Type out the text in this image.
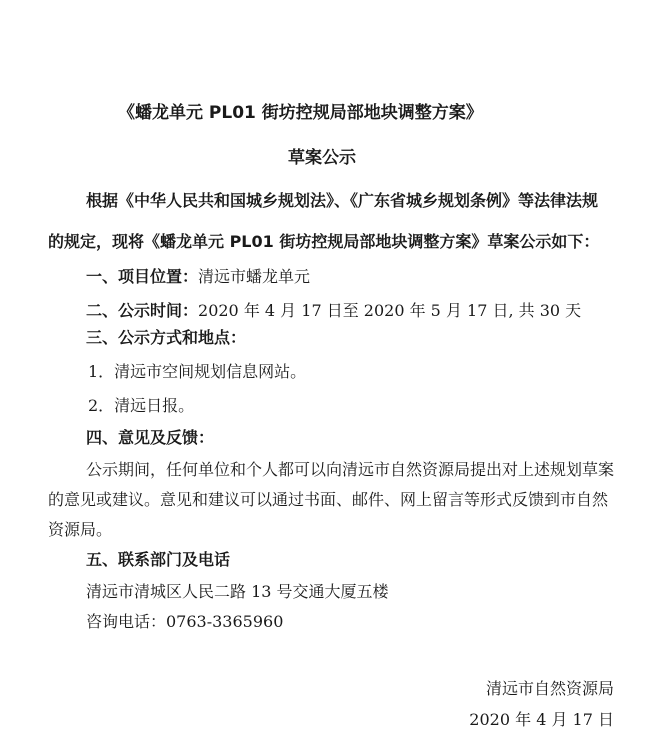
《蟠龙单元 PL01 街坊控规局部地块调整方案》
草案公示
根据《中华人民共和国城乡规划法》、《广东省城乡规划条例》等法律法规
的规定，现将《蟠龙单元 PL01 街坊控规局部地块调整方案》草案公示如下：
一、项目位置：清远市蟠龙单元
二、公示时间：2020 年 4 月 17 日至 2020 年 5 月 17 日, 共 30 天
三、公示方式和地点：
1．清远市空间规划信息网站。
2．清远日报。
四、意见及反馈：
公示期间，任何单位和个人都可以向清远市自然资源局提出对上述规划草案
的意见或建议。意见和建议可以通过书面、邮件、网上留言等形式反馈到市自然
资源局。
五、联系部门及电话
清远市清城区人民二路 13 号交通大厦五楼
咨询电话：0763-3365960
清远市自然资源局
2020 年 4 月 17 日
